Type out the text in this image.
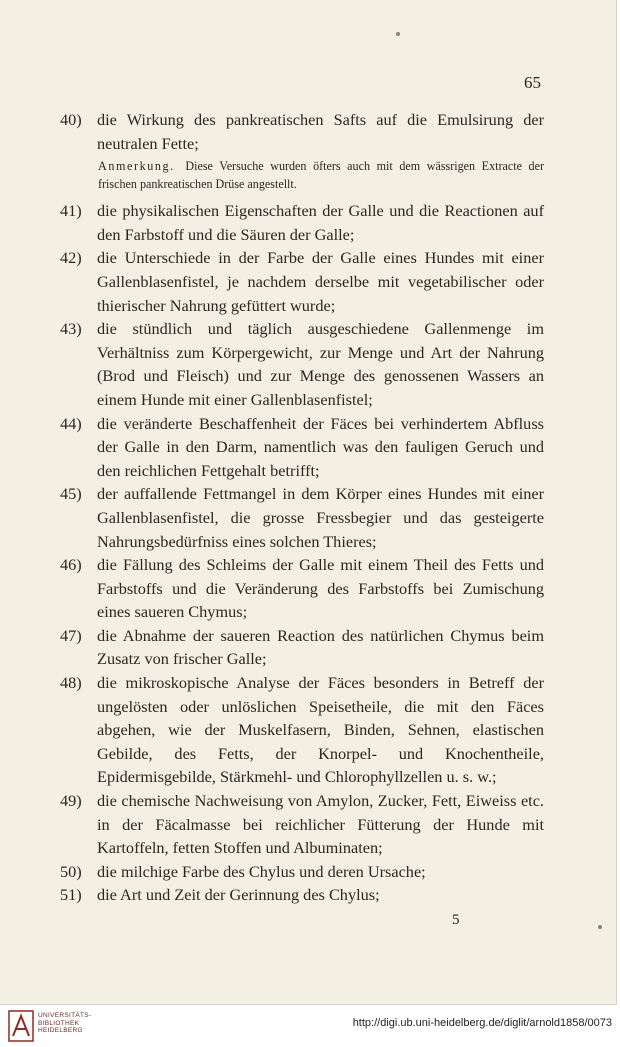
65
40) die Wirkung des pankreatischen Safts auf die Emulsirung der neutralen Fette;
Anmerkung. Diese Versuche wurden öfters auch mit dem wässrigen Extracte der frischen pankreatischen Drüse angestellt.
41) die physikalischen Eigenschaften der Galle und die Reactionen auf den Farbstoff und die Säuren der Galle;
42) die Unterschiede in der Farbe der Galle eines Hundes mit einer Gallenblasenfistel, je nachdem derselbe mit vegetabilischer oder thierischer Nahrung gefüttert wurde;
43) die stündlich und täglich ausgeschiedene Gallenmenge im Verhältniss zum Körpergewicht, zur Menge und Art der Nahrung (Brod und Fleisch) und zur Menge des genossenen Wassers an einem Hunde mit einer Gallenblasenfistel;
44) die veränderte Beschaffenheit der Fäces bei verhindertem Abfluss der Galle in den Darm, namentlich was den fauligen Geruch und den reichlichen Fettgehalt betrifft;
45) der auffallende Fettmangel in dem Körper eines Hundes mit einer Gallenblasenfistel, die grosse Fressbegier und das gesteigerte Nahrungsbedürfniss eines solchen Thieres;
46) die Fällung des Schleims der Galle mit einem Theil des Fetts und Farbstoffs und die Veränderung des Farbstoffs bei Zumischung eines saueren Chymus;
47) die Abnahme der saueren Reaction des natürlichen Chymus beim Zusatz von frischer Galle;
48) die mikroskopische Analyse der Fäces besonders in Betreff der ungelösten oder unlöslichen Speisetheile, die mit den Fäces abgehen, wie der Muskelfasern, Binden, Sehnen, elastischen Gebilde, des Fetts, der Knorpel- und Knochentheile, Epidermisgebilde, Stärkmehl- und Chlorophyllzellen u. s. w.;
49) die chemische Nachweisung von Amylon, Zucker, Fett, Eiweiss etc. in der Fäcalmasse bei reichlicher Fütterung der Hunde mit Kartoffeln, fetten Stoffen und Albuminaten;
50) die milchige Farbe des Chylus und deren Ursache;
51) die Art und Zeit der Gerinnung des Chylus;
5
UNIVERSITÄTS-
BIBLIOTHEK
HEIDELBERG
http://digi.ub.uni-heidelberg.de/diglit/arnold1858/0073
